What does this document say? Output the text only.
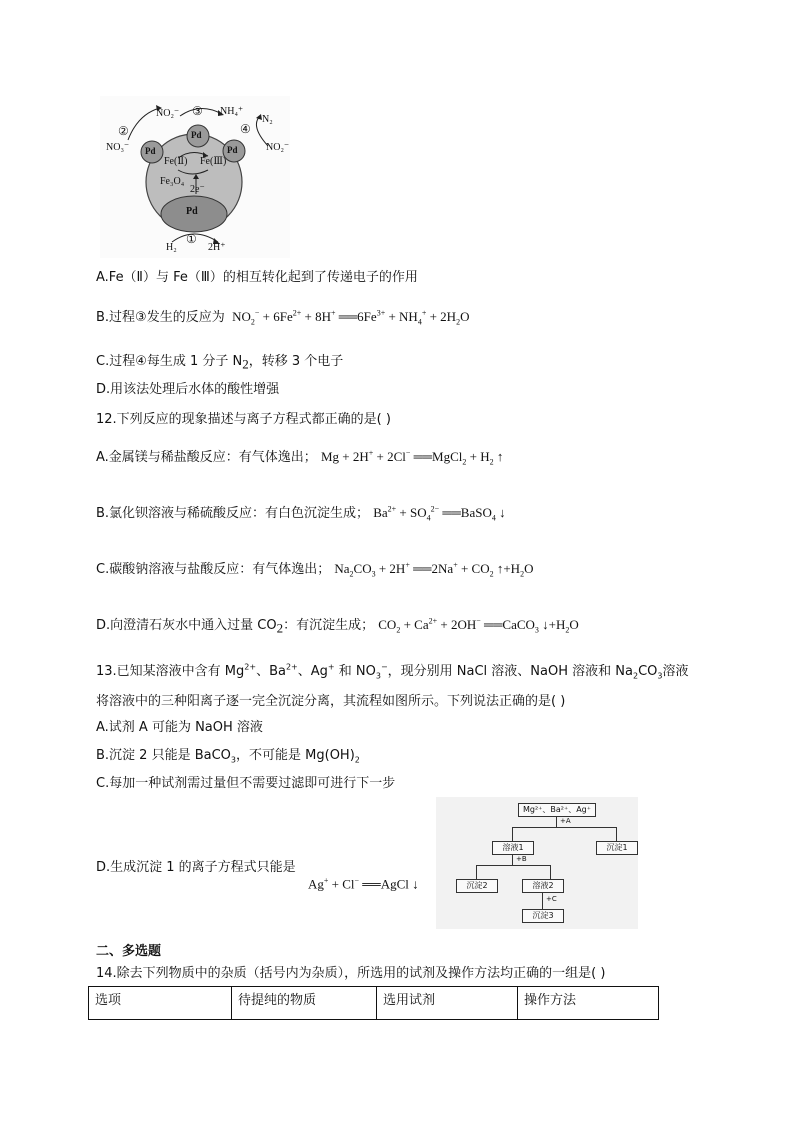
NO₂⁻	NH₄⁺
N₂
NO₃⁻	NO₂⁻
②
③
④
①
Pd
Pd	Pd
Pd
Fe(Ⅱ) Fe(Ⅲ)
Fe₃O₄
2e⁻
H₂	2H⁺
A.Fe（Ⅱ）与 Fe（Ⅲ）的相互转化起到了传递电子的作用
B.过程③发生的反应为  $NO_2^- + 6Fe^{2+} + 8H^+$ $══6Fe^{3+} + NH_4^+ + 2H_2O$
C.过程④每生成 1 分子 $N_2$，转移 3 个电子
D.用该法处理后水体的酸性增强
12.下列反应的现象描述与离子方程式都正确的是( )
A.金属镁与稀盐酸反应：有气体逸出； Mg + 2H+ + 2Cl− ══MgCl$_2$ + $H_2$ ↑
B.氯化钡溶液与稀硫酸反应：有白色沉淀生成； $Ba^{2+} + SO_4^{2-}$ ══BaSO$_4$ ↓
C.碳酸钠溶液与盐酸反应：有气体逸出； $Na_2CO_3 + 2H^+$ ══2Na+ + $CO_2$ $↑+H_2O$
D.向澄清石灰水中通入过量 $CO_2$：有沉淀生成； $CO_2 + Ca^{2+} + 2OH^-$ ══CaCO$_3$ $↓+H_2O$
13.已知某溶液中含有 $Mg^{2+}$、$Ba^{2+}$、Ag+ 和 $NO_3^-$，现分别用 NaCl 溶液、NaOH 溶液和 $Na_2CO_3$溶液
将溶液中的三种阳离子逐一完全沉淀分离，其流程如图所示。下列说法正确的是( )
A.试剂 A 可能为 NaOH 溶液
B.沉淀 2 只能是 BaCO$_3$，不可能是 $Mg(OH)_2$
C.每加一种试剂需过量但不需要过滤即可进行下一步
D.生成沉淀 1 的离子方程式只能是
Ag+ + Cl− ══AgCl ↓
Mg²⁺、Ba²⁺、Ag⁺
+A
溶液1	沉淀1
+B
沉淀2	溶液2
+C
沉淀3
二、多选题
14.除去下列物质中的杂质（括号内为杂质），所选用的试剂及操作方法均正确的一组是( )
选项	待提纯的物质	选用试剂	操作方法
